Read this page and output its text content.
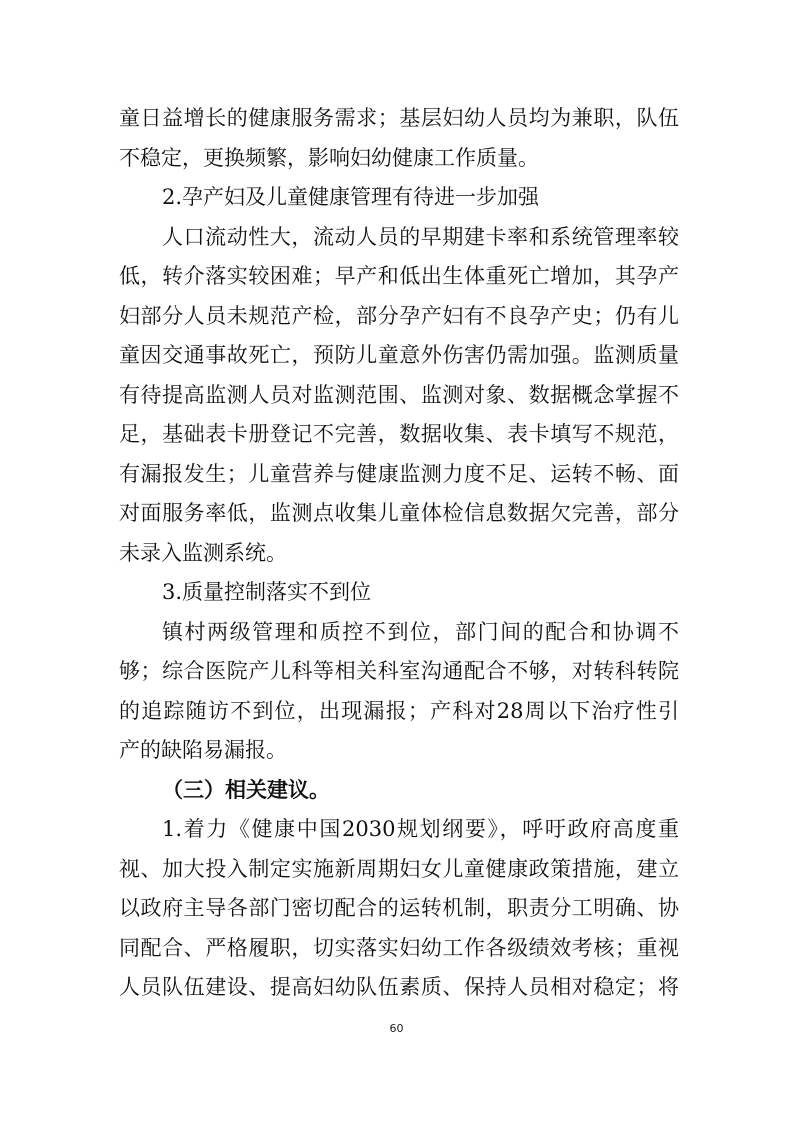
童日益增长的健康服务需求；基层妇幼人员均为兼职，队伍
不稳定，更换频繁，影响妇幼健康工作质量。
2.孕产妇及儿童健康管理有待进一步加强
人口流动性大，流动人员的早期建卡率和系统管理率较
低，转介落实较困难；早产和低出生体重死亡增加，其孕产
妇部分人员未规范产检，部分孕产妇有不良孕产史；仍有儿
童因交通事故死亡，预防儿童意外伤害仍需加强。监测质量
有待提高监测人员对监测范围、监测对象、数据概念掌握不
足，基础表卡册登记不完善，数据收集、表卡填写不规范，
有漏报发生；儿童营养与健康监测力度不足、运转不畅、面
对面服务率低，监测点收集儿童体检信息数据欠完善，部分
未录入监测系统。
3.质量控制落实不到位
镇村两级管理和质控不到位，部门间的配合和协调不
够；综合医院产儿科等相关科室沟通配合不够，对转科转院
的追踪随访不到位，出现漏报；产科对28周以下治疗性引
产的缺陷易漏报。
（三）相关建议。
1.着力《健康中国2030规划纲要》，呼吁政府高度重
视、加大投入制定实施新周期妇女儿童健康政策措施，建立
以政府主导各部门密切配合的运转机制，职责分工明确、协
同配合、严格履职，切实落实妇幼工作各级绩效考核；重视
人员队伍建设、提高妇幼队伍素质、保持人员相对稳定；将
60
